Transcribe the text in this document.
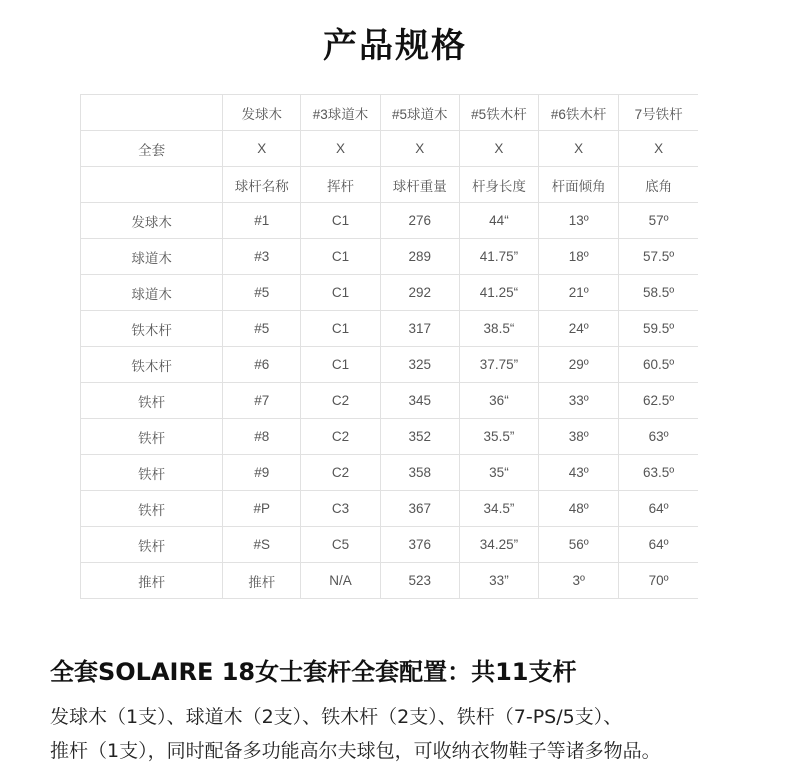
产品规格
	发球木	#3球道木	#5球道木	#5铁木杆	#6铁木杆	7号铁杆
全套	X	X	X	X	X	X
	球杆名称	挥杆	球杆重量	杆身长度	杆面倾角	底角
发球木	#1	C1	276	44“	13º	57º
球道木	#3	C1	289	41.75”	18º	57.5º
球道木	#5	C1	292	41.25“	21º	58.5º
铁木杆	#5	C1	317	38.5“	24º	59.5º
铁木杆	#6	C1	325	37.75”	29º	60.5º
铁杆	#7	C2	345	36“	33º	62.5º
铁杆	#8	C2	352	35.5”	38º	63º
铁杆	#9	C2	358	35“	43º	63.5º
铁杆	#P	C3	367	34.5”	48º	64º
铁杆	#S	C5	376	34.25”	56º	64º
推杆	推杆	N/A	523	33”	3º	70º
全套SOLAIRE 18女士套杆全套配置：共11支杆
发球木（1支）、球道木（2支）、铁木杆（2支）、铁杆（7-PS/5支）、
推杆（1支），同时配备多功能高尔夫球包，可收纳衣物鞋子等诸多物品。
